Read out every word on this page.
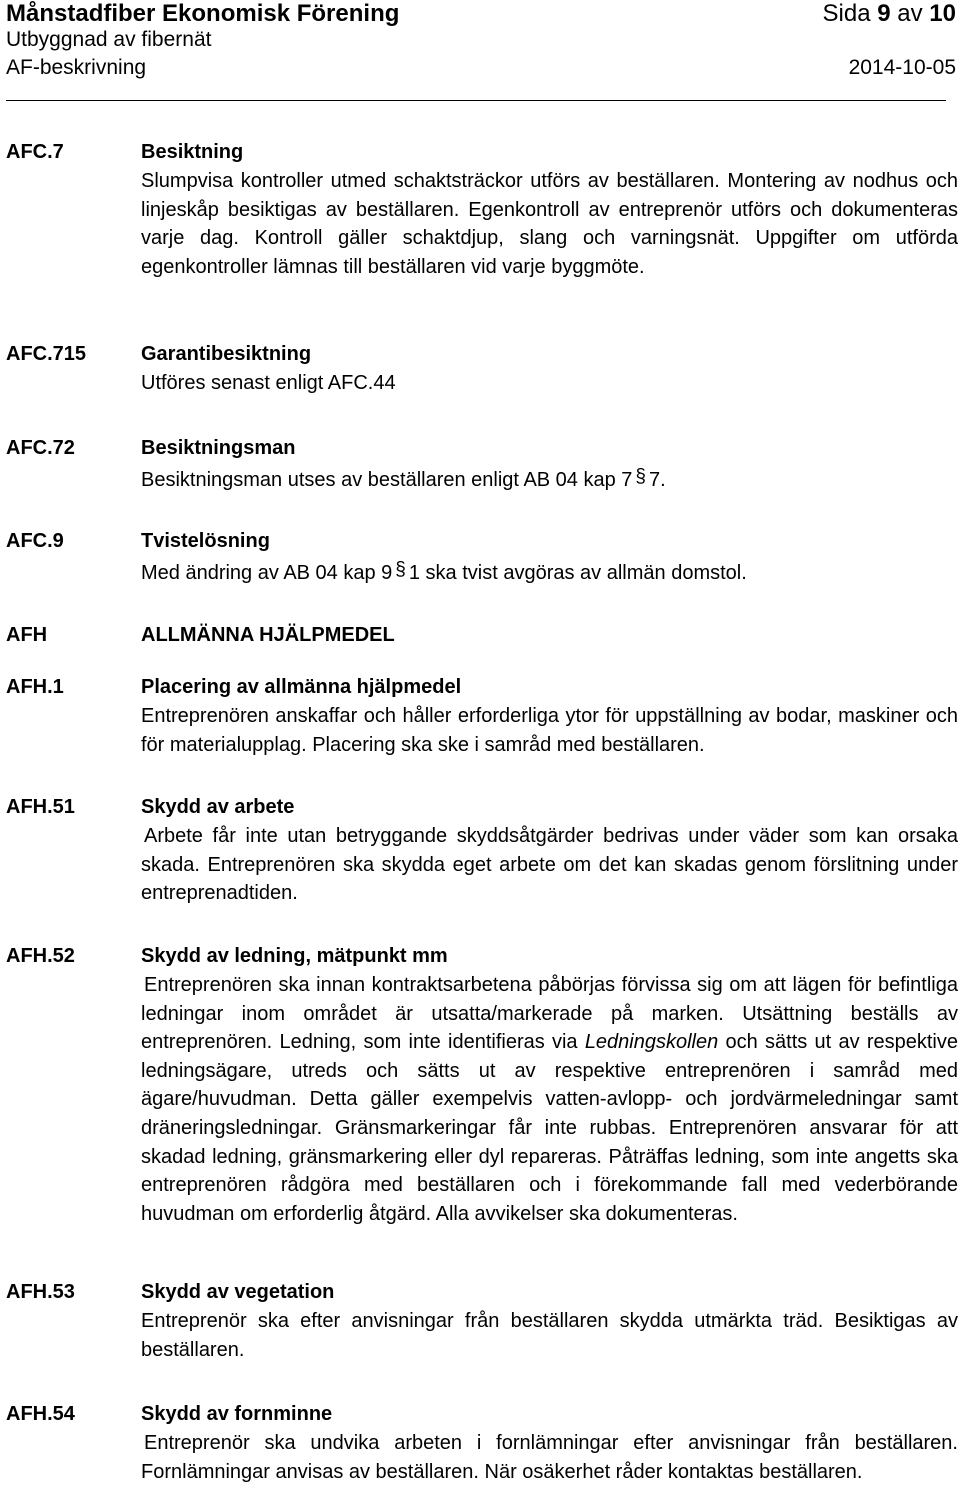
Månstadfiber Ekonomisk Förening	Sida 9 av 10
Utbyggnad av fibernät
AF-beskrivning	2014-10-05
AFC.7	Besiktning
Slumpvisa kontroller utmed schaktsträckor utförs av beställaren. Montering av nodhus och linjeskåp besiktigas av beställaren. Egenkontroll av entreprenör utförs och dokumenteras varje dag. Kontroll gäller schaktdjup, slang och varningsnät. Uppgifter om utförda egenkontroller lämnas till beställaren vid varje byggmöte.
AFC.715	Garantibesiktning
Utföres senast enligt AFC.44
AFC.72	Besiktningsman
Besiktningsman utses av beställaren enligt AB 04 kap 7 § 7.
AFC.9	Tvistelösning
Med ändring av AB 04 kap 9 § 1 ska tvist avgöras av allmän domstol.
AFH	ALLMÄNNA HJÄLPMEDEL
AFH.1	Placering av allmänna hjälpmedel
Entreprenören anskaffar och håller erforderliga ytor för uppställning av bodar, maskiner och för materialupplag. Placering ska ske i samråd med beställaren.
AFH.51	Skydd av arbete
Arbete får inte utan betryggande skyddsåtgärder bedrivas under väder som kan orsaka skada. Entreprenören ska skydda eget arbete om det kan skadas genom förslitning under entreprenadtiden.
AFH.52	Skydd av ledning, mätpunkt mm
Entreprenören ska innan kontraktsarbetena påbörjas förvissa sig om att lägen för befintliga ledningar inom området är utsatta/markerade på marken. Utsättning beställs av entreprenören. Ledning, som inte identifieras via Ledningskollen och sätts ut av respektive ledningsägare, utreds och sätts ut av respektive entreprenören i samråd med ägare/huvudman. Detta gäller exempelvis vatten-avlopp- och jordvärmeledningar samt dräneringsledningar. Gränsmarkeringar får inte rubbas. Entreprenören ansvarar för att skadad ledning, gränsmarkering eller dyl repareras. Påträffas ledning, som inte angetts ska entreprenören rådgöra med beställaren och i förekommande fall med vederbörande huvudman om erforderlig åtgärd. Alla avvikelser ska dokumenteras.
AFH.53	Skydd av vegetation
Entreprenör ska efter anvisningar från beställaren skydda utmärkta träd. Besiktigas av beställaren.
AFH.54	Skydd av fornminne
Entreprenör ska undvika arbeten i fornlämningar efter anvisningar från beställaren. Fornlämningar anvisas av beställaren. När osäkerhet råder kontaktas beställaren.
